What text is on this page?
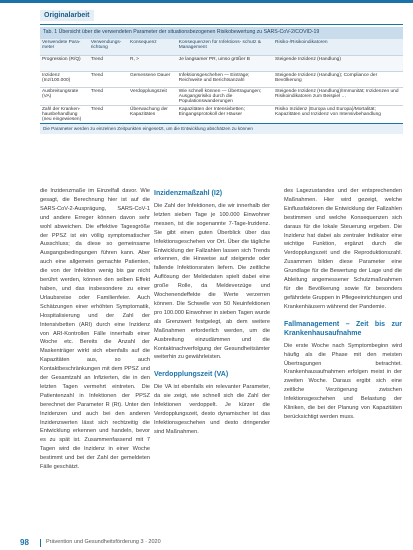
Originalarbeit
Tab. 1 Übersicht über die verwendeten Parameter der situationsbezogenen Risikobewertung zu SARS-CoV-2/COVID-19
Verwendete Para- meter	Verwendungs- richtung	Konsequenz	Konsequenzen für Infektions- schutz & Management	Risiko-/Risikoindikatoren
Progression (R/Q)	Trend	R, >	Je langsamer PR, umso größer B	Steigende Inzidenz (Handlung)
Inzidenz (Inz/100.000)	Trend	Gemessene Dauer	Infektionsgeschehen — Einträge; Reichweite und Berichtsanzahl	Steigende Inzidenz (Handlung); Compliance der Bevölkerung
Ausbreitungsrate (VA)	Trend	Verdopplungszeit	Wie schnell können — Übertragungen; Ausgangsrisiko durch die Populationswanderungen	Steigende Inzidenz (Handlung)/Immunität; Inzidenzen und Risikoindikatoren zum Beispiel …
Zahl der Krankenhausbehandlung (neu eingewiesen)	Trend	Überwachung der Kapazitäten	Kapazitäten der Intensivbetten; Eingangsprotokoll der Häuser	Risiko Inzidenz (Europa und Europa)/Mortalität; Kapazitäten und Inzidenz von Intensivbehandlung
Die Parameter werden zu einzelnen Zeitpunkten eingesetzt, um die Entwicklung abschätzen zu können

die Inzidenzmaße im Einzelfall davor. Wie gesagt, die Berechnung hier ist auf die SARS-CoV-2-Ausprägung, SARS-CoV-1 und andere Erreger können davon sehr wohl abweichen. Die effektive Tagesgröße der PPSZ ist ein völlig symptomatischer Ausschluss; da diese so gemeinsame Ausgangsbedingungen führen kann. Aber auch eine allgemein gemachte Patienten, die von der Infektion wenig bis gar nicht berührt werden, können den selben Effekt haben, und das insbesondere zu einer Urlaubsreise oder Familienfeier. Auch Schätzungen einer erhöhten Symptomatik, Hospitalisierung und der Zahl der Intensivbetten (ARI) durch eine Inzidenz von ARI-Kontrollen Fälle innerhalb einer Woche etc. Bereits die Anzahl der Maskenträger wirkt sich ebenfalls auf die Kapazitäten aus, so auch Kontaktbeschränkungen mit dem PPSZ und der Gesamtzahl an Infizierten, die in den letzten Tagen vermehrt eintreten. Die Patientenzahl in Infektionen der PPSZ berechnet der Parameter R (Rt). Unter den Inzidenzen und auch bei den anderen Inzidenzwerten lässt sich rechtzeitig die Entwicklung erkennen und handeln, bevor es zu spät ist. Zusammenfassend mit 7 Tagen wird die Inzidenz in einer Woche bestimmt und bei der Zahl der gemeldeten Fälle geschätzt.

Inzidenzmaßzahl (I2)

Die Zahl der Infektionen, die wir innerhalb der letzten sieben Tage je 100.000 Einwohner messen, ist die sogenannte 7-Tage-Inzidenz. Sie gibt einen guten Überblick über das Infektionsgeschehen vor Ort. Über die tägliche Entwicklung der Fallzahlen lassen sich Trends erkennen, die Hinweise auf steigende oder fallende Infektionsraten liefern. Die zeitliche Auflösung der Meldedaten spielt dabei eine große Rolle, da Meldeverzüge und Wochenendeffekte die Werte verzerren können. Die Schwelle von 50 Neuinfektionen pro 100.000 Einwohner in sieben Tagen wurde als Grenzwert festgelegt, ab dem weitere Maßnahmen erforderlich werden, um die Ausbreitung einzudämmen und die Kontaktnachverfolgung der Gesundheitsämter weiterhin zu gewährleisten.

Verdopplungszeit (VA)

Die VA ist ebenfalls ein relevanter Parameter, da sie zeigt, wie schnell sich die Zahl der Infektionen verdoppelt. Je kürzer die Verdopplungszeit, desto dynamischer ist das Infektionsgeschehen und desto dringender sind Maßnahmen.

des Lagezustandes und der entsprechenden Maßnahmen. Hier wird gezeigt, welche Einflussfaktoren die Entwicklung der Fallzahlen bestimmen und welche Konsequenzen sich daraus für die lokale Steuerung ergeben. Die Inzidenz hat dabei als zentraler Indikator eine wichtige Funktion, ergänzt durch die Verdopplungszeit und die Reproduktionszahl. Zusammen bilden diese Parameter eine Grundlage für die Bewertung der Lage und die Ableitung angemessener Schutzmaßnahmen für die Bevölkerung sowie für besonders gefährdete Gruppen in Pflegeeinrichtungen und Krankenhäusern während der Pandemie.

Fallmanagement – Zeit bis zur Krankenhausaufnahme

Die erste Woche nach Symptombeginn wird häufig als die Phase mit den meisten Übertragungen betrachtet. Krankenhausaufnahmen erfolgen meist in der zweiten Woche. Daraus ergibt sich eine zeitliche Verzögerung zwischen Infektionsgeschehen und Belastung der Kliniken, die bei der Planung von Kapazitäten berücksichtigt werden muss.

98	Prävention und Gesundheitsförderung 3 · 2020
